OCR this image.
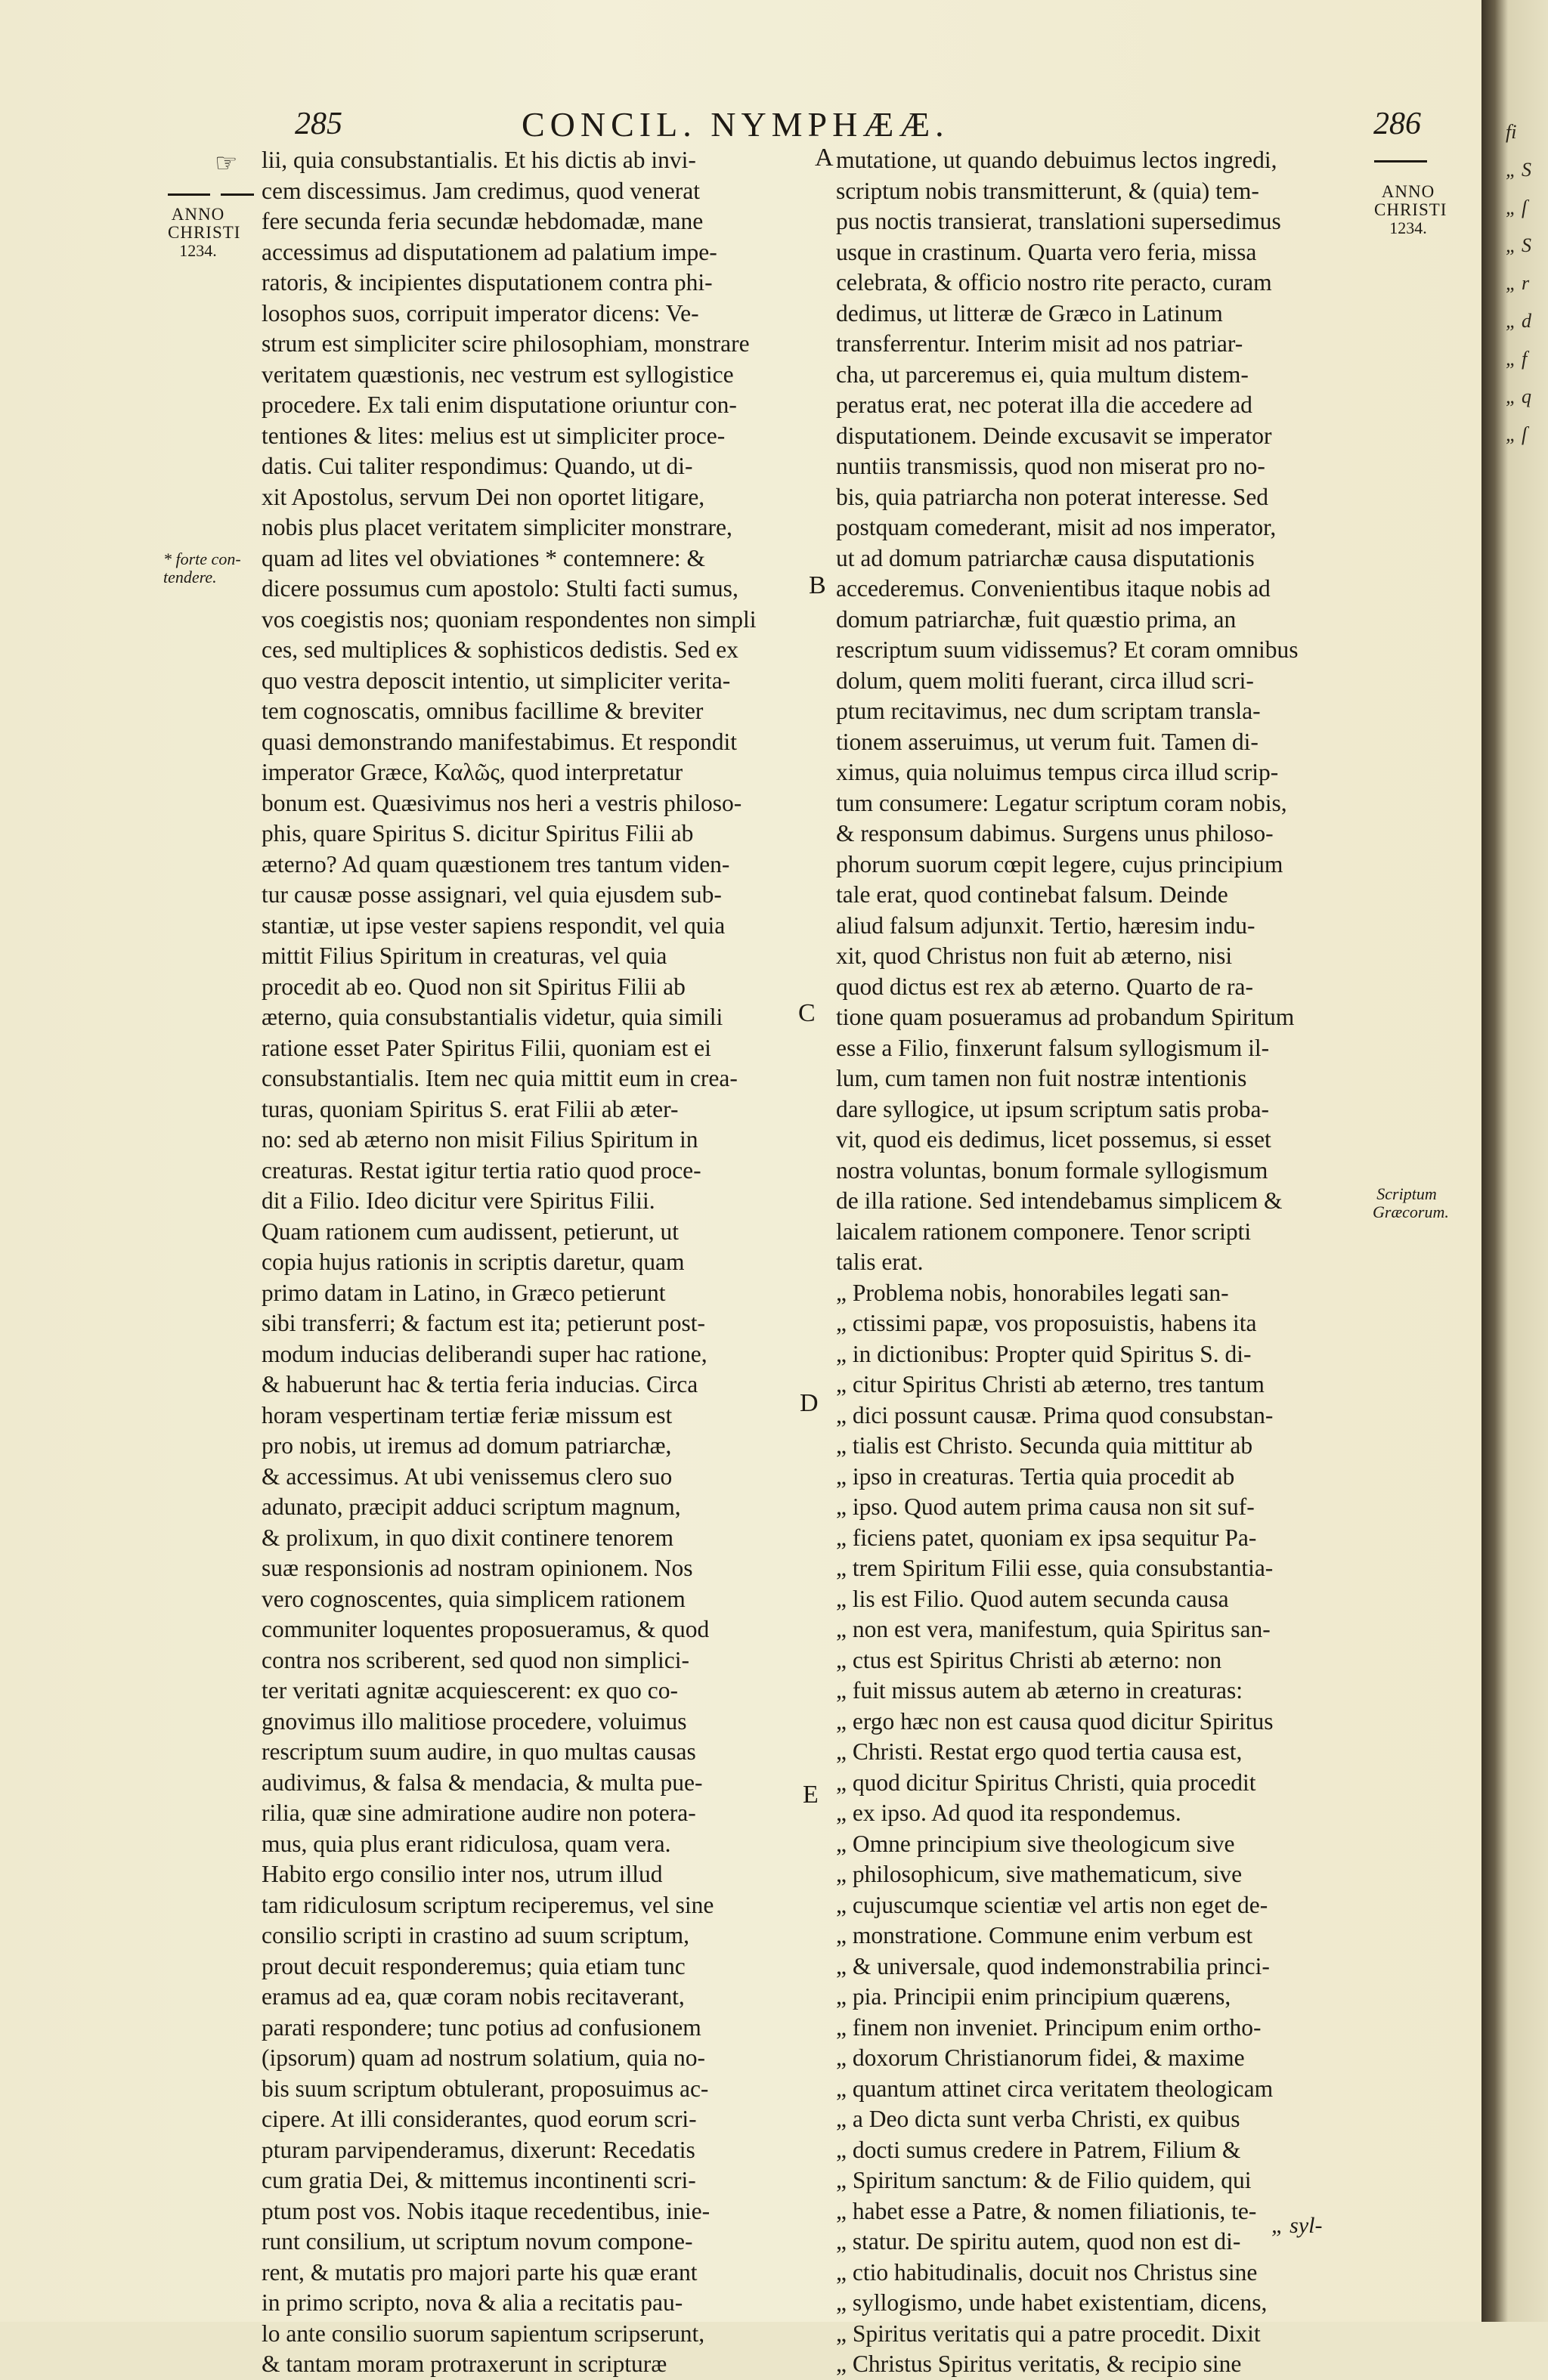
285	CONCIL. NYMPHÆÆ.	286
☞
ANNO
CHRISTI
1234.
* forte con-
tendere.
ANNO
CHRISTI
1234.
Scriptum
Græcorum.
A
B
C
D
E

lii, quia consubstantialis. Et his dictis ab invi-

cem discessimus. Jam credimus, quod venerat

fere secunda feria secundæ hebdomadæ, mane

accessimus ad disputationem ad palatium impe-

ratoris, & incipientes disputationem contra phi-

losophos suos, corripuit imperator dicens: Ve-

strum est simpliciter scire philosophiam, monstrare

veritatem quæstionis, nec vestrum est syllogistice

procedere. Ex tali enim disputatione oriuntur con-

tentiones & lites: melius est ut simpliciter proce-

datis. Cui taliter respondimus: Quando, ut di-

xit Apostolus, servum Dei non oportet litigare,

nobis plus placet veritatem simpliciter monstrare,

quam ad lites vel obviationes * contemnere: &

dicere possumus cum apostolo: Stulti facti sumus,

vos coegistis nos; quoniam respondentes non simpli

ces, sed multiplices & sophisticos dedistis. Sed ex

quo vestra deposcit intentio, ut simpliciter verita-

tem cognoscatis, omnibus facillime & breviter

quasi demonstrando manifestabimus. Et respondit

imperator Græce, Καλῶς, quod interpretatur

bonum est. Quæsivimus nos heri a vestris philoso-

phis, quare Spiritus S. dicitur Spiritus Filii ab

æterno? Ad quam quæstionem tres tantum viden-

tur causæ posse assignari, vel quia ejusdem sub-

stantiæ, ut ipse vester sapiens respondit, vel quia

mittit Filius Spiritum in creaturas, vel quia

procedit ab eo. Quod non sit Spiritus Filii ab

æterno, quia consubstantialis videtur, quia simili

ratione esset Pater Spiritus Filii, quoniam est ei

consubstantialis. Item nec quia mittit eum in crea-

turas, quoniam Spiritus S. erat Filii ab æter-

no: sed ab æterno non misit Filius Spiritum in

creaturas. Restat igitur tertia ratio quod proce-

dit a Filio. Ideo dicitur vere Spiritus Filii.

Quam rationem cum audissent, petierunt, ut

copia hujus rationis in scriptis daretur, quam

primo datam in Latino, in Græco petierunt

sibi transferri; & factum est ita; petierunt post-

modum inducias deliberandi super hac ratione,

& habuerunt hac & tertia feria inducias. Circa

horam vespertinam tertiæ feriæ missum est

pro nobis, ut iremus ad domum patriarchæ,

& accessimus. At ubi venissemus clero suo

adunato, præcipit adduci scriptum magnum,

& prolixum, in quo dixit continere tenorem

suæ responsionis ad nostram opinionem. Nos

vero cognoscentes, quia simplicem rationem

communiter loquentes proposueramus, & quod

contra nos scriberent, sed quod non simplici-

ter veritati agnitæ acquiescerent: ex quo co-

gnovimus illo malitiose procedere, voluimus

rescriptum suum audire, in quo multas causas

audivimus, & falsa & mendacia, & multa pue-

rilia, quæ sine admiratione audire non potera-

mus, quia plus erant ridiculosa, quam vera.

Habito ergo consilio inter nos, utrum illud

tam ridiculosum scriptum reciperemus, vel sine

consilio scripti in crastino ad suum scriptum,

prout decuit responderemus; quia etiam tunc

eramus ad ea, quæ coram nobis recitaverant,

parati respondere; tunc potius ad confusionem

(ipsorum) quam ad nostrum solatium, quia no-

bis suum scriptum obtulerant, proposuimus ac-

cipere. At illi considerantes, quod eorum scri-

pturam parvipenderamus, dixerunt: Recedatis

cum gratia Dei, & mittemus incontinenti scri-

ptum post vos. Nobis itaque recedentibus, inie-

runt consilium, ut scriptum novum compone-

rent, & mutatis pro majori parte his quæ erant

in primo scripto, nova & alia a recitatis pau-

lo ante consilio suorum sapientum scripserunt,

& tantam moram protraxerunt in scripturæ

mutatione, ut quando debuimus lectos ingredi,

scriptum nobis transmitterunt, & (quia) tem-

pus noctis transierat, translationi supersedimus

usque in crastinum. Quarta vero feria, missa

celebrata, & officio nostro rite peracto, curam

dedimus, ut litteræ de Græco in Latinum

transferrentur. Interim misit ad nos patriar-

cha, ut parceremus ei, quia multum distem-

peratus erat, nec poterat illa die accedere ad

disputationem. Deinde excusavit se imperator

nuntiis transmissis, quod non miserat pro no-

bis, quia patriarcha non poterat interesse. Sed

postquam comederant, misit ad nos imperator,

ut ad domum patriarchæ causa disputationis

accederemus. Convenientibus itaque nobis ad

domum patriarchæ, fuit quæstio prima, an

rescriptum suum vidissemus? Et coram omnibus

dolum, quem moliti fuerant, circa illud scri-

ptum recitavimus, nec dum scriptam transla-

tionem asseruimus, ut verum fuit. Tamen di-

ximus, quia noluimus tempus circa illud scrip-

tum consumere: Legatur scriptum coram nobis,

& responsum dabimus. Surgens unus philoso-

phorum suorum cœpit legere, cujus principium

tale erat, quod continebat falsum. Deinde

aliud falsum adjunxit. Tertio, hæresim indu-

xit, quod Christus non fuit ab æterno, nisi

quod dictus est rex ab æterno. Quarto de ra-

tione quam posueramus ad probandum Spiritum

esse a Filio, finxerunt falsum syllogismum il-

lum, cum tamen non fuit nostræ intentionis

dare syllogice, ut ipsum scriptum satis proba-

vit, quod eis dedimus, licet possemus, si esset

nostra voluntas, bonum formale syllogismum

de illa ratione. Sed intendebamus simplicem &

laicalem rationem componere. Tenor scripti

talis erat.

„ Problema nobis, honorabiles legati san-

„ ctissimi papæ, vos proposuistis, habens ita

„ in dictionibus: Propter quid Spiritus S. di-

„ citur Spiritus Christi ab æterno, tres tantum

„ dici possunt causæ. Prima quod consubstan-

„ tialis est Christo. Secunda quia mittitur ab

„ ipso in creaturas. Tertia quia procedit ab

„ ipso. Quod autem prima causa non sit suf-

„ ficiens patet, quoniam ex ipsa sequitur Pa-

„ trem Spiritum Filii esse, quia consubstantia-

„ lis est Filio. Quod autem secunda causa

„ non est vera, manifestum, quia Spiritus san-

„ ctus est Spiritus Christi ab æterno: non

„ fuit missus autem ab æterno in creaturas:

„ ergo hæc non est causa quod dicitur Spiritus

„ Christi. Restat ergo quod tertia causa est,

„ quod dicitur Spiritus Christi, quia procedit

„ ex ipso. Ad quod ita respondemus.

„ Omne principium sive theologicum sive

„ philosophicum, sive mathematicum, sive

„ cujuscumque scientiæ vel artis non eget de-

„ monstratione. Commune enim verbum est

„ & universale, quod indemonstrabilia princi-

„ pia. Principii enim principium quærens,

„ finem non inveniet. Principum enim ortho-

„ doxorum Christianorum fidei, & maxime

„ quantum attinet circa veritatem theologicam

„ a Deo dicta sunt verba Christi, ex quibus

„ docti sumus credere in Patrem, Filium &

„ Spiritum sanctum: & de Filio quidem, qui

„ habet esse a Patre, & nomen filiationis, te-

„ statur. De spiritu autem, quod non est di-

„ ctio habitudinalis, docuit nos Christus sine

„ syllogismo, unde habet existentiam, dicens,

„ Spiritus veritatis qui a patre procedit. Dixit

„ Christus Spiritus veritatis, & recipio sine

„ syl-
fi
„ S
„ ſ
„ S
„ r
„ d
„ f
„ q
„ ſ
